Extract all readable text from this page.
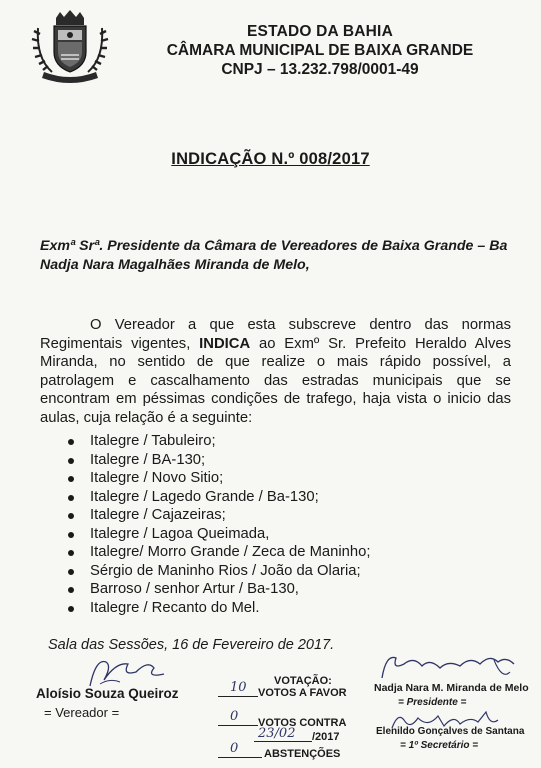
ESTADO DA BAHIA
CÂMARA MUNICIPAL DE BAIXA GRANDE
CNPJ – 13.232.798/0001-49
INDICAÇÃO N.º 008/2017
Exmª Srª. Presidente da Câmara de Vereadores de Baixa Grande – Ba
Nadja Nara Magalhães Miranda de Melo,

O Vereador a que esta subscreve dentro das normas Regimentais vigentes, INDICA ao Exmº Sr. Prefeito Heraldo Alves Miranda, no sentido de que realize o mais rápido possível, a patrolagem e cascalhamento das estradas municipais que se encontram em péssimas condições de trafego, haja vista o inicio das aulas, cuja relação é a seguinte:

Italegre / Tabuleiro;
Italegre / BA-130;
Italegre / Novo Sitio;
Italegre / Lagedo Grande / Ba-130;
Italegre / Cajazeiras;
Italegre / Lagoa Queimada,
Italegre/ Morro Grande / Zeca de Maninho;
Sérgio de Maninho Rios / João da Olaria;
Barroso / senhor Artur / Ba-130,
Italegre / Recanto do Mel.
Sala das Sessões, 16 de Fevereiro de 2017.
Aloísio Souza Queiroz
= Vereador =
VOTAÇÃO:
10 VOTOS A FAVOR
0 VOTOS CONTRA
23/02 /2017
0 ABSTENÇÕES
Nadja Nara M. Miranda de Melo
= Presidente =
Elenildo Gonçalves de Santana
= 1º Secretário =
